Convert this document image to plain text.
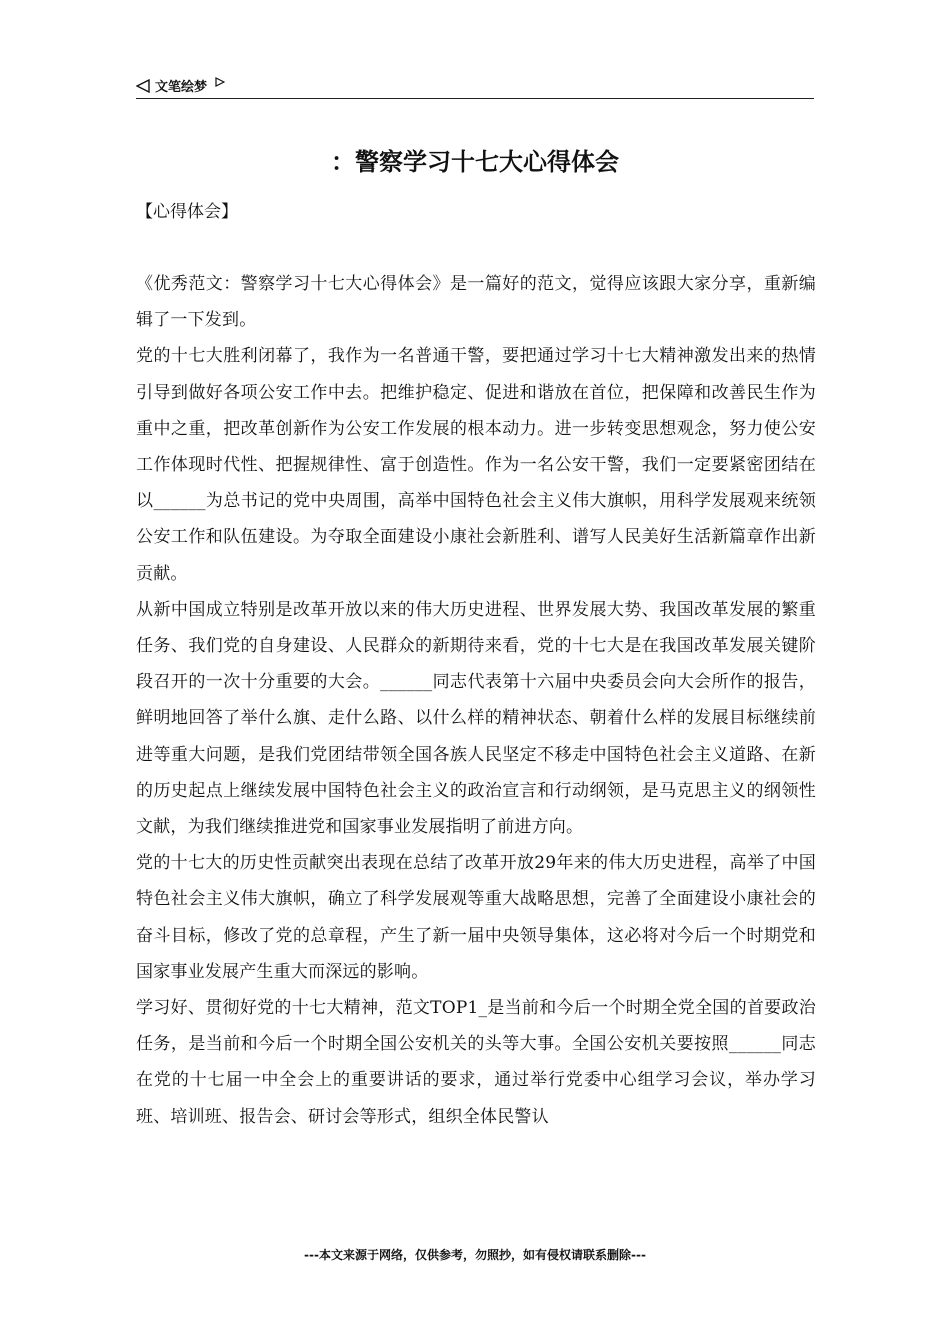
文笔绘梦
：警察学习十七大心得体会
【心得体会】

《优秀范文：警察学习十七大心得体会》是一篇好的范文，觉得应该跟大家分享，重新编辑了一下发到。

党的十七大胜利闭幕了，我作为一名普通干警，要把通过学习十七大精神激发出来的热情引导到做好各项公安工作中去。把维护稳定、促进和谐放在首位，把保障和改善民生作为重中之重，把改革创新作为公安工作发展的根本动力。进一步转变思想观念，努力使公安工作体现时代性、把握规律性、富于创造性。作为一名公安干警，我们一定要紧密团结在以______为总书记的党中央周围，高举中国特色社会主义伟大旗帜，用科学发展观来统领公安工作和队伍建设。为夺取全面建设小康社会新胜利、谱写人民美好生活新篇章作出新贡献。

从新中国成立特别是改革开放以来的伟大历史进程、世界发展大势、我国改革发展的繁重任务、我们党的自身建设、人民群众的新期待来看，党的十七大是在我国改革发展关键阶段召开的一次十分重要的大会。______同志代表第十六届中央委员会向大会所作的报告，鲜明地回答了举什么旗、走什么路、以什么样的精神状态、朝着什么样的发展目标继续前进等重大问题，是我们党团结带领全国各族人民坚定不移走中国特色社会主义道路、在新的历史起点上继续发展中国特色社会主义的政治宣言和行动纲领，是马克思主义的纲领性文献，为我们继续推进党和国家事业发展指明了前进方向。

党的十七大的历史性贡献突出表现在总结了改革开放29年来的伟大历史进程，高举了中国特色社会主义伟大旗帜，确立了科学发展观等重大战略思想，完善了全面建设小康社会的奋斗目标，修改了党的总章程，产生了新一届中央领导集体，这必将对今后一个时期党和国家事业发展产生重大而深远的影响。

学习好、贯彻好党的十七大精神，范文TOP1_是当前和今后一个时期全党全国的首要政治任务，是当前和今后一个时期全国公安机关的头等大事。全国公安机关要按照______同志在党的十七届一中全会上的重要讲话的要求，通过举行党委中心组学习会议，举办学习班、培训班、报告会、研讨会等形式，组织全体民警认

---本文来源于网络，仅供参考，勿照抄，如有侵权请联系删除---
